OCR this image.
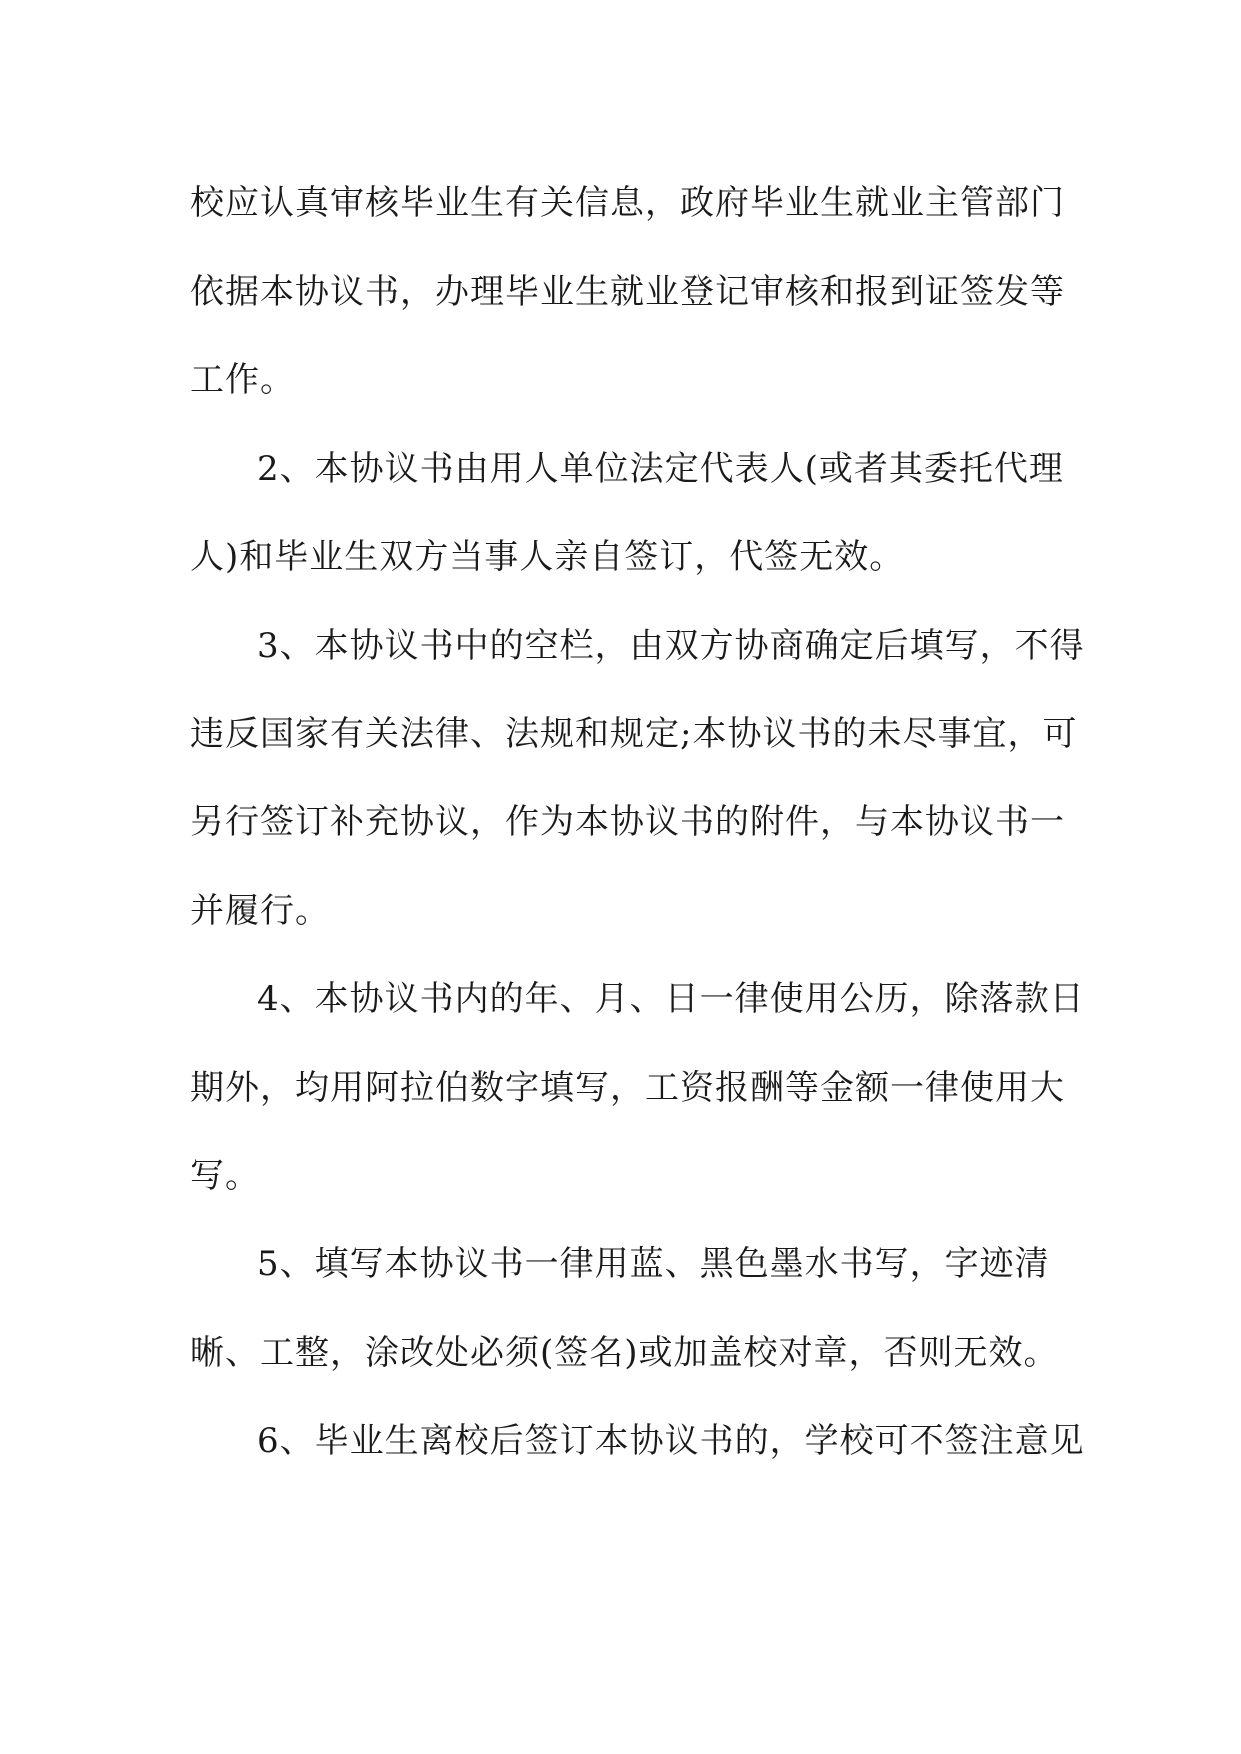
校应认真审核毕业生有关信息，政府毕业生就业主管部门
依据本协议书，办理毕业生就业登记审核和报到证签发等
工作。
2、本协议书由用人单位法定代表人(或者其委托代理
人)和毕业生双方当事人亲自签订，代签无效。
3、本协议书中的空栏，由双方协商确定后填写，不得
违反国家有关法律、法规和规定;本协议书的未尽事宜，可
另行签订补充协议，作为本协议书的附件，与本协议书一
并履行。
4、本协议书内的年、月、日一律使用公历，除落款日
期外，均用阿拉伯数字填写，工资报酬等金额一律使用大
写。
5、填写本协议书一律用蓝、黑色墨水书写，字迹清
晰、工整，涂改处必须(签名)或加盖校对章，否则无效。
6、毕业生离校后签订本协议书的，学校可不签注意见
